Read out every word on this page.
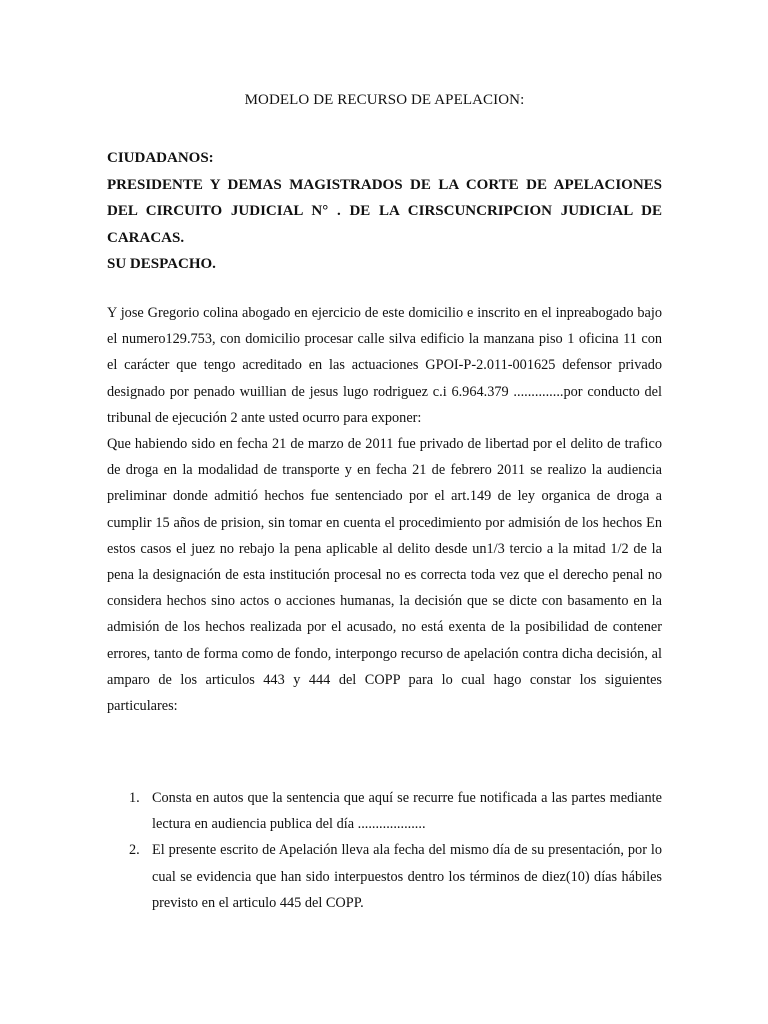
MODELO DE RECURSO DE APELACION:
CIUDADANOS:
PRESIDENTE Y DEMAS MAGISTRADOS DE LA CORTE DE APELACIONES
DEL CIRCUITO JUDICIAL N° . DE LA CIRSCUNCRIPCION JUDICIAL DE
CARACAS.
SU DESPACHO.

Y jose Gregorio colina abogado en ejercicio de este domicilio e inscrito en el inpreabogado bajo el numero129.753, con domicilio procesar calle silva edificio la manzana piso 1 oficina 11 con el carácter que tengo acreditado en las actuaciones GPOI-P-2.011-001625 defensor privado designado por penado wuillian de jesus lugo rodriguez c.i 6.964.379 ..............por conducto del tribunal de ejecución 2 ante usted ocurro para exponer:

Que habiendo sido en fecha 21 de marzo de 2011 fue privado de libertad por el delito de trafico de droga en la modalidad de transporte y en fecha 21 de febrero 2011 se realizo la audiencia preliminar donde admitió hechos fue sentenciado por el art.149 de ley organica de droga a cumplir 15 años de prision, sin tomar en cuenta el procedimiento por admisión de los hechos En estos casos el juez no rebajo la pena aplicable al delito desde un1/3 tercio a la mitad 1/2 de la pena la designación de esta institución procesal no es correcta toda vez que el derecho penal no considera hechos sino actos o acciones humanas, la decisión que se dicte con basamento en la admisión de los hechos realizada por el acusado, no está exenta de la posibilidad de contener errores, tanto de forma como de fondo, interpongo recurso de apelación contra dicha decisión, al amparo de los articulos 443 y 444 del COPP para lo cual hago constar los siguientes particulares:

1. Consta en autos que la sentencia que aquí se recurre fue notificada a las partes mediante lectura en audiencia publica del día ...................
2. El presente escrito de Apelación lleva ala fecha del mismo día de su presentación, por lo cual se evidencia que han sido interpuestos dentro los términos de diez(10) días hábiles previsto en el articulo 445 del COPP.
